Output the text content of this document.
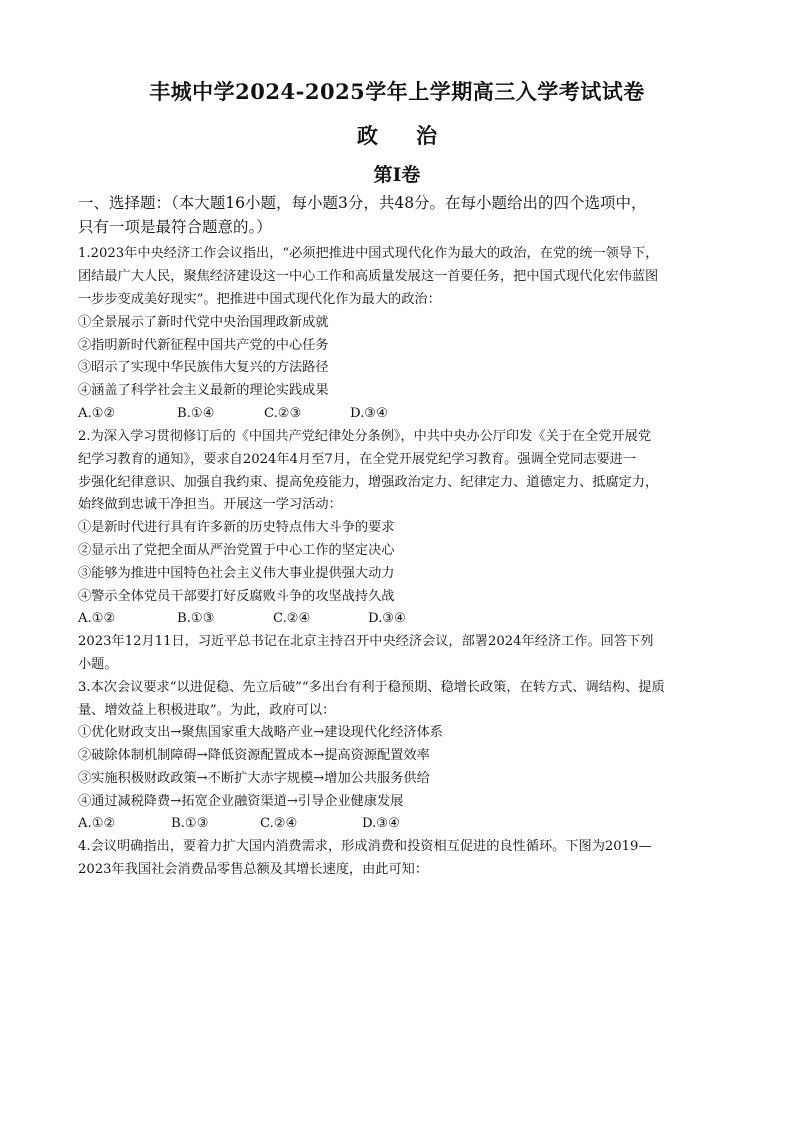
丰城中学2024-2025学年上学期高三入学考试试卷
政 治
第Ⅰ卷
一、选择题：（本大题16小题，每小题3分，共48分。在每小题给出的四个选项中，
只有一项是最符合题意的。）
1.2023年中央经济工作会议指出，“必须把推进中国式现代化作为最大的政治，在党的统一领导下，
团结最广大人民，聚焦经济建设这一中心工作和高质量发展这一首要任务，把中国式现代化宏伟蓝图
一步步变成美好现实”。把推进中国式现代化作为最大的政治：
①全景展示了新时代党中央治国理政新成就
②指明新时代新征程中国共产党的中心任务
③昭示了实现中华民族伟大复兴的方法路径
④涵盖了科学社会主义最新的理论实践成果
A.①②	B.①④	C.②③	D.③④
2.为深入学习贯彻修订后的《中国共产党纪律处分条例》，中共中央办公厅印发《关于在全党开展党
纪学习教育的通知》，要求自2024年4月至7月，在全党开展党纪学习教育。强调全党同志要进一
步强化纪律意识、加强自我约束、提高免疫能力，增强政治定力、纪律定力、道德定力、抵腐定力，
始终做到忠诚干净担当。开展这一学习活动：
①是新时代进行具有许多新的历史特点伟大斗争的要求
②显示出了党把全面从严治党置于中心工作的坚定决心
③能够为推进中国特色社会主义伟大事业提供强大动力
④警示全体党员干部要打好反腐败斗争的攻坚战持久战
A.①②	B.①③	C.②④	D.③④
2023年12月11日，习近平总书记在北京主持召开中央经济会议，部署2024年经济工作。回答下列
小题。
3.本次会议要求“以进促稳、先立后破”“多出台有利于稳预期、稳增长政策，在转方式、调结构、提质
量、增效益上积极进取”。为此，政府可以：
①优化财政支出→聚焦国家重大战略产业→建设现代化经济体系
②破除体制机制障碍→降低资源配置成本→提高资源配置效率
③实施积极财政政策→不断扩大赤字规模→增加公共服务供给
④通过减税降费→拓宽企业融资渠道→引导企业健康发展
A.①②	B.①③	C.②④	D.③④
4.会议明确指出，要着力扩大国内消费需求，形成消费和投资相互促进的良性循环。下图为2019—
2023年我国社会消费品零售总额及其增长速度，由此可知：
